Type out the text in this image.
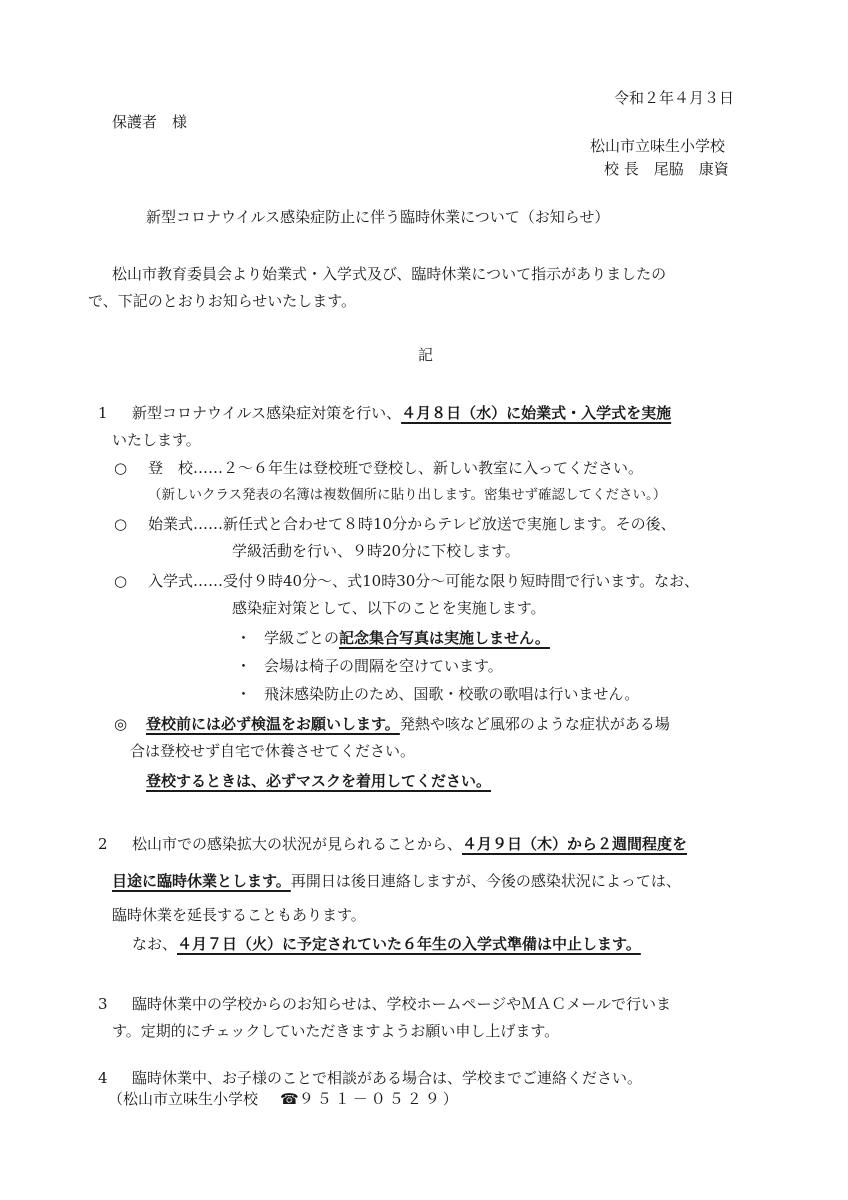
令和２年４月３日
保護者　様
松山市立味生小学校
校 長　尾脇　康資
新型コロナウイルス感染症防止に伴う臨時休業について（お知らせ）
松山市教育委員会より始業式・入学式及び、臨時休業について指示がありましたの
で、下記のとおりお知らせいたします。
記
1 新型コロナウイルス感染症対策を行い、４月８日（水）に始業式・入学式を実施
いたします。
○ 登　校……２～６年生は登校班で登校し、新しい教室に入ってください。
（新しいクラス発表の名簿は複数個所に貼り出します。密集せず確認してください。）
○ 始業式……新任式と合わせて８時10分からテレビ放送で実施します。その後、
学級活動を行い、９時20分に下校します。
○ 入学式……受付９時40分～、式10時30分～可能な限り短時間で行います。なお、
感染症対策として、以下のことを実施します。
・ 学級ごとの記念集合写真は実施しません。
・ 会場は椅子の間隔を空けています。
・ 飛沫感染防止のため、国歌・校歌の歌唱は行いません。
◎ 登校前には必ず検温をお願いします。発熱や咳など風邪のような症状がある場
合は登校せず自宅で休養させてください。
登校するときは、必ずマスクを着用してください。
2 松山市での感染拡大の状況が見られることから、４月９日（木）から２週間程度を
目途に臨時休業とします。再開日は後日連絡しますが、今後の感染状況によっては、
臨時休業を延長することもあります。
なお、４月７日（火）に予定されていた６年生の入学式準備は中止します。
3 臨時休業中の学校からのお知らせは、学校ホームページやＭＡＣメールで行いま
す。定期的にチェックしていただきますようお願い申し上げます。
4 臨時休業中、お子様のことで相談がある場合は、学校までご連絡ください。
（松山市立味生小学校 ☎９５１－０５２９）
